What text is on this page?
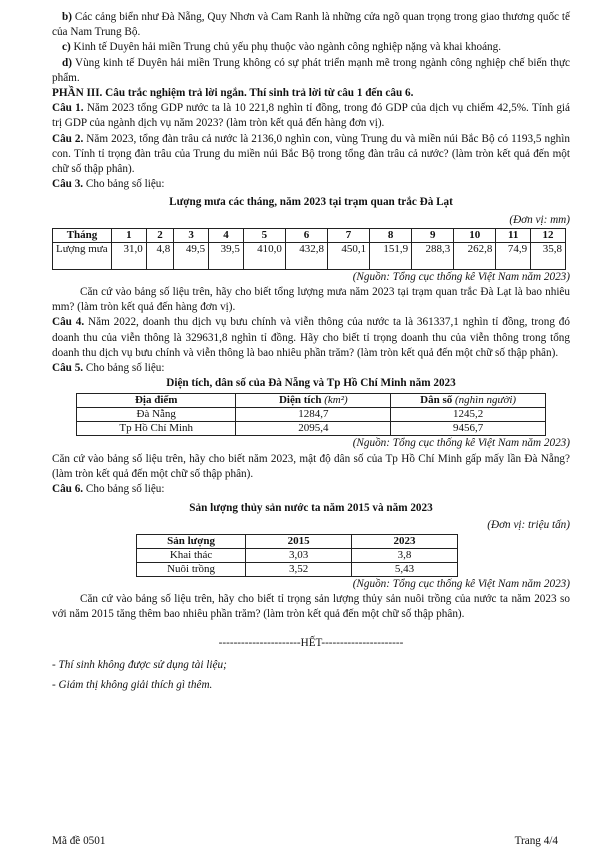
b) Các cảng biển như Đà Nẵng, Quy Nhơn và Cam Ranh là những cửa ngõ quan trọng trong giao thương quốc tế của Nam Trung Bộ.

c) Kinh tế Duyên hải miền Trung chủ yếu phụ thuộc vào ngành công nghiệp nặng và khai khoáng.

d) Vùng kinh tế Duyên hải miền Trung không có sự phát triển mạnh mẽ trong ngành công nghiệp chế biến thực phẩm.

PHẦN III. Câu trắc nghiệm trả lời ngắn. Thí sinh trả lời từ câu 1 đến câu 6.

Câu 1. Năm 2023 tổng GDP nước ta là 10 221,8 nghìn tỉ đồng, trong đó GDP của dịch vụ chiếm 42,5%. Tính giá trị GDP của ngành dịch vụ năm 2023? (làm tròn kết quả đến hàng đơn vị).

Câu 2. Năm 2023, tổng đàn trâu cả nước là 2136,0 nghìn con, vùng Trung du và miền núi Bắc Bộ có 1193,5 nghìn con. Tính tỉ trọng đàn trâu của Trung du miền núi Bắc Bộ trong tổng đàn trâu cả nước? (làm tròn kết quả đến một chữ số thập phân).

Câu 3. Cho bảng số liệu:

Lượng mưa các tháng, năm 2023 tại trạm quan trắc Đà Lạt
(Đơn vị: mm)
Tháng	1	2	3	4	5	6	7	8	9	10	11	12
Lượng mưa	31,0	4,8	49,5	39,5	410,0	432,8	450,1	151,9	288,3	262,8	74,9	35,8
(Nguồn: Tổng cục thống kê Việt Nam năm 2023)

Căn cứ vào bảng số liệu trên, hãy cho biết tổng lượng mưa năm 2023 tại trạm quan trắc Đà Lạt là bao nhiêu mm? (làm tròn kết quả đến hàng đơn vị).

Câu 4. Năm 2022, doanh thu dịch vụ bưu chính và viễn thông của nước ta là 361337,1 nghìn tỉ đồng, trong đó doanh thu của viễn thông là 329631,8 nghìn tỉ đồng. Hãy cho biết tỉ trọng doanh thu của viễn thông trong tổng doanh thu dịch vụ bưu chính và viễn thông là bao nhiêu phần trăm? (làm tròn kết quả đến một chữ số thập phân).

Câu 5. Cho bảng số liệu:

Diện tích, dân số của Đà Nẵng và Tp Hồ Chí Minh năm 2023
Địa điểm	Diện tích (km²)	Dân số (nghìn người)
Đà Nẵng	1284,7	1245,2
Tp Hồ Chí Minh	2095,4	9456,7
(Nguồn: Tổng cục thống kê Việt Nam năm 2023)

Căn cứ vào bảng số liệu trên, hãy cho biết năm 2023, mật độ dân số của Tp Hồ Chí Minh gấp mấy lần Đà Nẵng? (làm tròn kết quả đến một chữ số thập phân).

Câu 6. Cho bảng số liệu:

Sản lượng thủy sản nước ta năm 2015 và năm 2023
(Đơn vị: triệu tấn)
Sản lượng	2015	2023
Khai thác	3,03	3,8
Nuôi trồng	3,52	5,43
(Nguồn: Tổng cục thống kê Việt Nam năm 2023)

Căn cứ vào bảng số liệu trên, hãy cho biết tỉ trọng sản lượng thủy sản nuôi trồng của nước ta năm 2023 so với năm 2015 tăng thêm bao nhiêu phần trăm? (làm tròn kết quả đến một chữ số thập phân).

----------------------HẾT----------------------

- Thí sinh không được sử dụng tài liệu;

- Giám thị không giải thích gì thêm.

Mã đề 0501	Trang 4/4
